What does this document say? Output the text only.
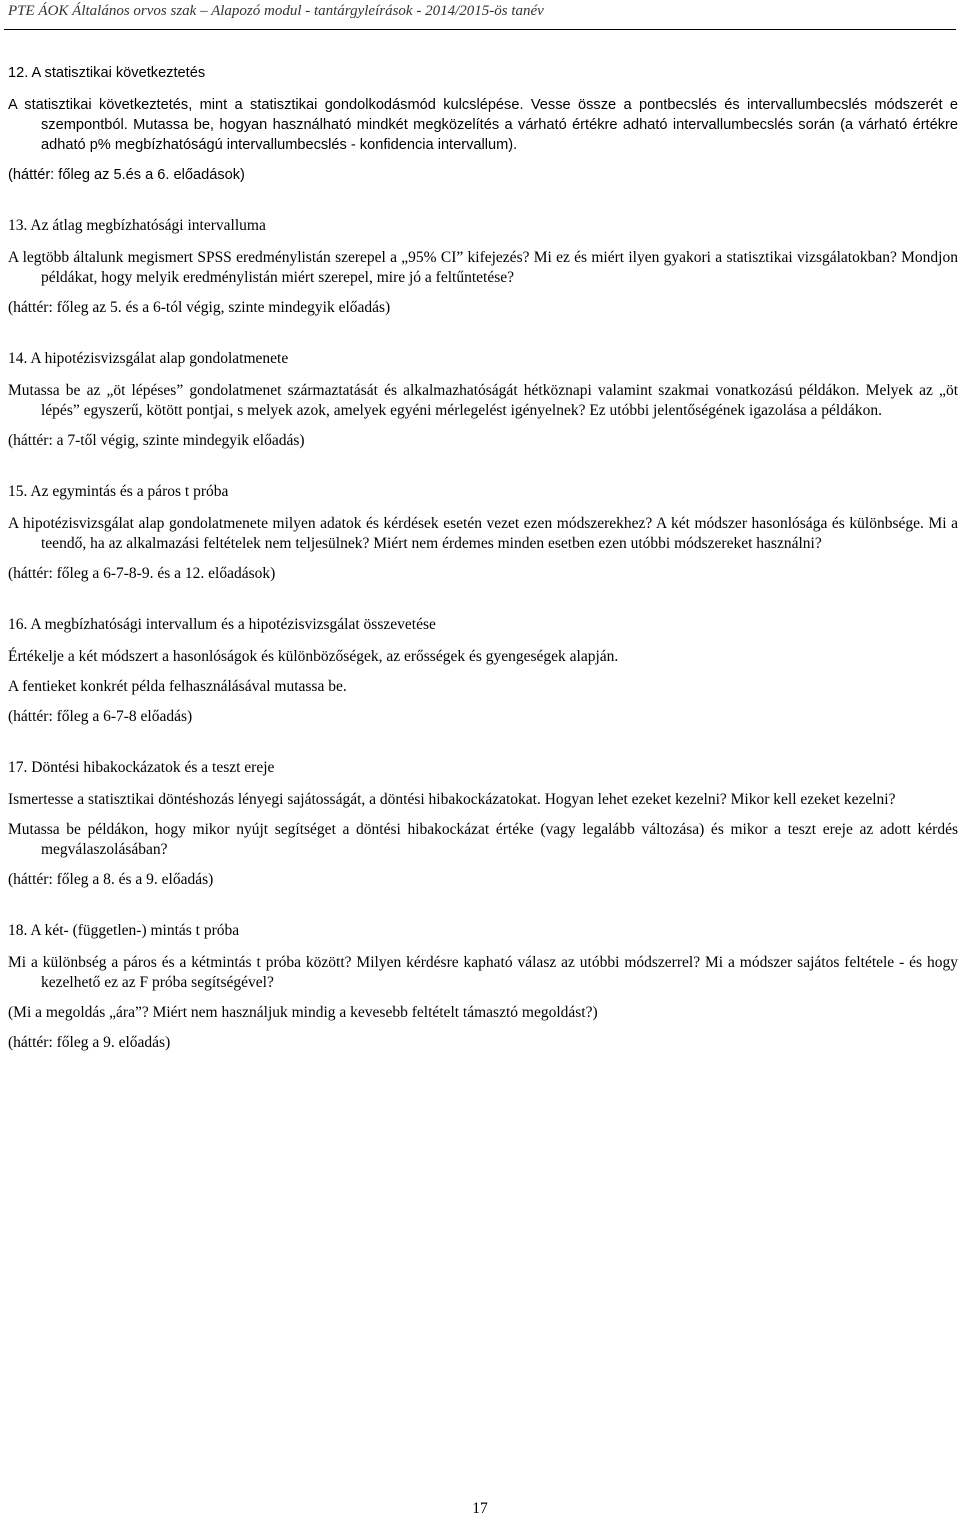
PTE ÁOK Általános orvos szak – Alapozó modul - tantárgyleírások - 2014/2015-ös tanév
12. A statisztikai következtetés
A statisztikai következtetés, mint a statisztikai gondolkodásmód kulcslépése. Vesse össze a pontbecslés és intervallumbecslés módszerét e szempontból. Mutassa be, hogyan használható mindkét megközelítés a várható értékre adható intervallumbecslés során (a várható értékre adható p% megbízhatóságú intervallumbecslés - konfidencia intervallum).
(háttér: főleg az 5.és a 6. előadások)
13. Az átlag megbízhatósági intervalluma
A legtöbb általunk megismert SPSS eredménylistán szerepel a „95% CI” kifejezés? Mi ez és miért ilyen gyakori a statisztikai vizsgálatokban? Mondjon példákat, hogy melyik eredménylistán miért szerepel, mire jó a feltűntetése?
(háttér: főleg az 5. és a 6-tól végig, szinte mindegyik előadás)
14. A hipotézisvizsgálat alap gondolatmenete
Mutassa be az „öt lépéses” gondolatmenet származtatását és alkalmazhatóságát hétköznapi valamint szakmai vonatkozású példákon. Melyek az „öt lépés” egyszerű, kötött pontjai, s melyek azok, amelyek egyéni mérlegelést igényelnek? Ez utóbbi jelentőségének igazolása a példákon.
(háttér: a 7-től végig, szinte mindegyik előadás)
15. Az egymintás és a páros t próba
A hipotézisvizsgálat alap gondolatmenete milyen adatok és kérdések esetén vezet ezen módszerekhez? A két módszer hasonlósága és különbsége. Mi a teendő, ha az alkalmazási feltételek nem teljesülnek? Miért nem érdemes minden esetben ezen utóbbi módszereket használni?
(háttér: főleg a 6-7-8-9. és a 12. előadások)
16. A megbízhatósági intervallum és a hipotézisvizsgálat összevetése
Értékelje a két módszert a hasonlóságok és különbözőségek, az erősségek és gyengeségek alapján.
A fentieket konkrét példa felhasználásával mutassa be.
(háttér: főleg a 6-7-8 előadás)
17. Döntési hibakockázatok és a teszt ereje
Ismertesse a statisztikai döntéshozás lényegi sajátosságát, a döntési hibakockázatokat. Hogyan lehet ezeket kezelni? Mikor kell ezeket kezelni?
Mutassa be példákon, hogy mikor nyújt segítséget a döntési hibakockázat értéke (vagy legalább változása) és mikor a teszt ereje az adott kérdés megválaszolásában?
(háttér: főleg a 8. és a 9. előadás)
18. A két- (független-) mintás t próba
Mi a különbség a páros és a kétmintás t próba között? Milyen kérdésre kapható válasz az utóbbi módszerrel? Mi a módszer sajátos feltétele - és hogy kezelhető ez az F próba segítségével?
(Mi a megoldás „ára”? Miért nem használjuk mindig a kevesebb feltételt támasztó megoldást?)
(háttér: főleg a 9. előadás)
17
